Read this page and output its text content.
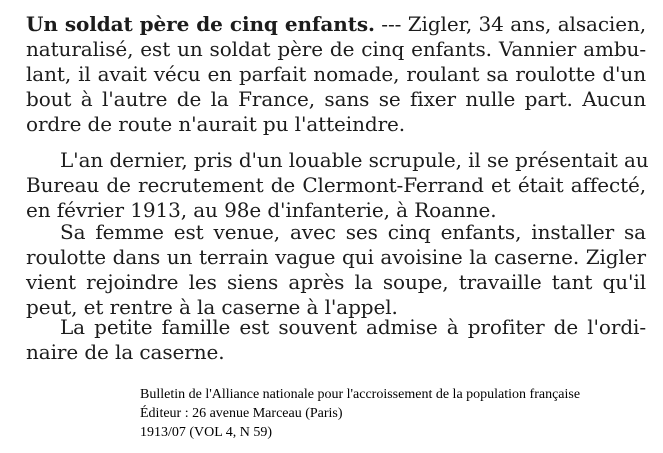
Un soldat père de cinq enfants. --- Zigler, 34 ans, alsacien,
naturalisé, est un soldat père de cinq enfants. Vannier ambu-
lant, il avait vécu en parfait nomade, roulant sa roulotte d'un
bout à l'autre de la France, sans se fixer nulle part. Aucun
ordre de route n'aurait pu l'atteindre.
L'an dernier, pris d'un louable scrupule, il se présentait au
Bureau de recrutement de Clermont-Ferrand et était affecté,
en février 1913, au 98e d'infanterie, à Roanne.
Sa femme est venue, avec ses cinq enfants, installer sa
roulotte dans un terrain vague qui avoisine la caserne. Zigler
vient rejoindre les siens après la soupe, travaille tant qu'il
peut, et rentre à la caserne à l'appel.
La petite famille est souvent admise à profiter de l'ordi-
naire de la caserne.
Bulletin de l'Alliance nationale pour l'accroissement de la population française
Éditeur : 26 avenue Marceau (Paris)
1913/07 (VOL 4, N 59)
